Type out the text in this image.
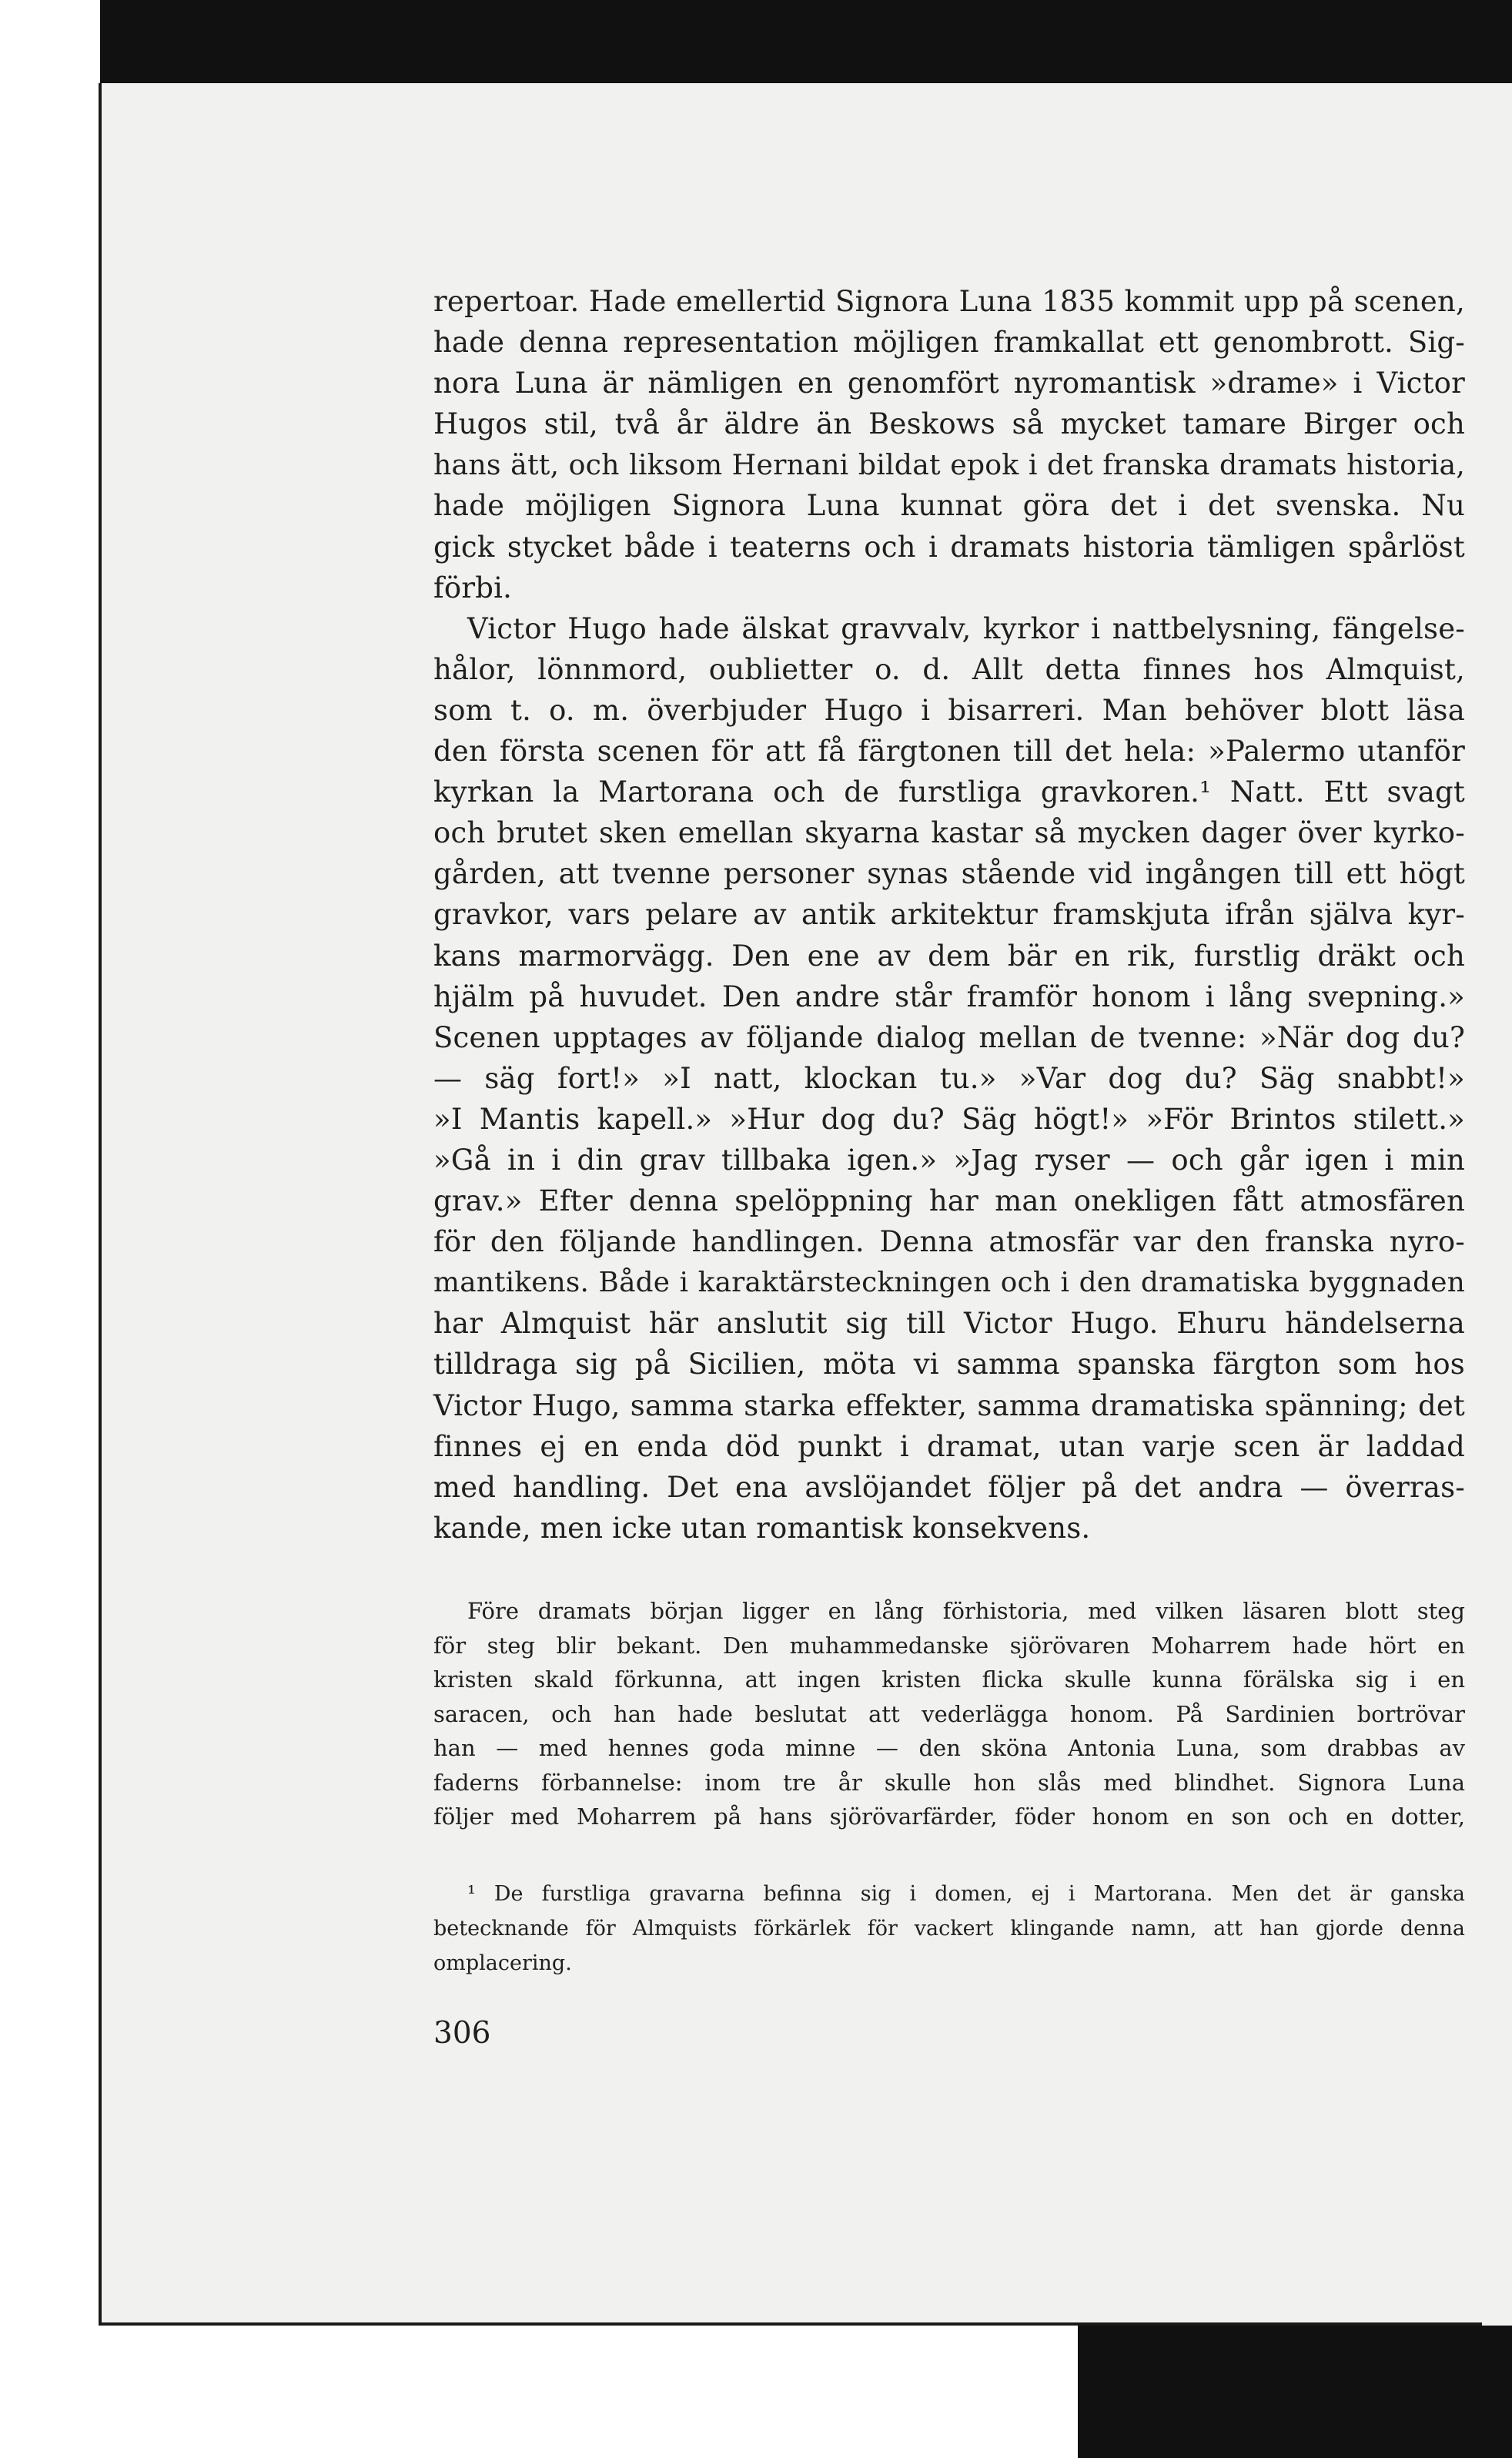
repertoar. Hade emellertid Signora Luna 1835 kommit upp på scenen,
hade denna representation möjligen framkallat ett genombrott. Sig-
nora Luna är nämligen en genomfört nyromantisk »drame» i Victor
Hugos stil, två år äldre än Beskows så mycket tamare Birger och
hans ätt, och liksom Hernani bildat epok i det franska dramats historia,
hade möjligen Signora Luna kunnat göra det i det svenska. Nu
gick stycket både i teaterns och i dramats historia tämligen spårlöst
förbi.
Victor Hugo hade älskat gravvalv, kyrkor i nattbelysning, fängelse-
hålor, lönnmord, oublietter o. d. Allt detta finnes hos Almquist,
som t. o. m. överbjuder Hugo i bisarreri. Man behöver blott läsa
den första scenen för att få färgtonen till det hela: »Palermo utanför
kyrkan la Martorana och de furstliga gravkoren.¹ Natt. Ett svagt
och brutet sken emellan skyarna kastar så mycken dager över kyrko-
gården, att tvenne personer synas stående vid ingången till ett högt
gravkor, vars pelare av antik arkitektur framskjuta ifrån själva kyr-
kans marmorvägg. Den ene av dem bär en rik, furstlig dräkt och
hjälm på huvudet. Den andre står framför honom i lång svepning.»
Scenen upptages av följande dialog mellan de tvenne: »När dog du?
— säg fort!» »I natt, klockan tu.» »Var dog du? Säg snabbt!»
»I Mantis kapell.» »Hur dog du? Säg högt!» »För Brintos stilett.»
»Gå in i din grav tillbaka igen.» »Jag ryser — och går igen i min
grav.» Efter denna spelöppning har man onekligen fått atmosfären
för den följande handlingen. Denna atmosfär var den franska nyro-
mantikens. Både i karaktärsteckningen och i den dramatiska byggnaden
har Almquist här anslutit sig till Victor Hugo. Ehuru händelserna
tilldraga sig på Sicilien, möta vi samma spanska färgton som hos
Victor Hugo, samma starka effekter, samma dramatiska spänning; det
finnes ej en enda död punkt i dramat, utan varje scen är laddad
med handling. Det ena avslöjandet följer på det andra — överras-
kande, men icke utan romantisk konsekvens.
Före dramats början ligger en lång förhistoria, med vilken läsaren blott steg
för steg blir bekant. Den muhammedanske sjörövaren Moharrem hade hört en
kristen skald förkunna, att ingen kristen flicka skulle kunna förälska sig i en
saracen, och han hade beslutat att vederlägga honom. På Sardinien bortrövar
han — med hennes goda minne — den sköna Antonia Luna, som drabbas av
faderns förbannelse: inom tre år skulle hon slås med blindhet. Signora Luna
följer med Moharrem på hans sjörövarfärder, föder honom en son och en dotter,
¹ De furstliga gravarna befinna sig i domen, ej i Martorana. Men det är ganska
betecknande för Almquists förkärlek för vackert klingande namn, att han gjorde denna
omplacering.
306
